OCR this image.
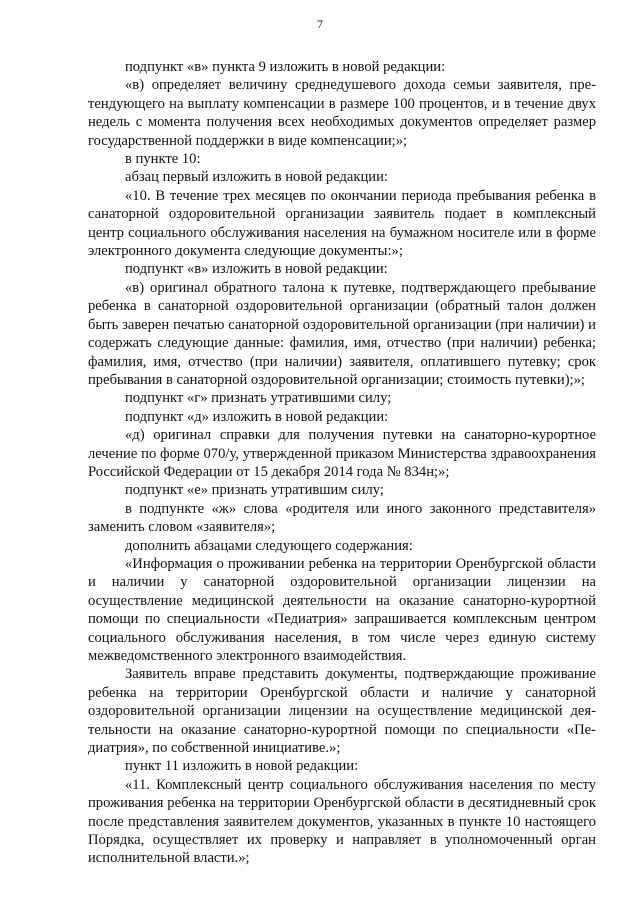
7

подпункт «в» пункта 9 изложить в новой редакции:

«в) определяет величину среднедушевого дохода семьи заявителя, претендующего на выплату компенсации в размере 100 процентов, и в течение двух недель с момента получения всех необходимых документов определяет размер государственной поддержки в виде компенсации;»;

в пункте 10:

абзац первый изложить в новой редакции:

«10. В течение трех месяцев по окончании периода пребывания ребенка в санаторной оздоровительной организации заявитель подает в комплексный центр социального обслуживания населения на бумажном носителе или в форме электронного документа следующие документы:»;

подпункт «в» изложить в новой редакции:

«в) оригинал обратного талона к путевке, подтверждающего пребывание ребенка в санаторной оздоровительной организации (обратный талон должен быть заверен печатью санаторной оздоровительной организации (при наличии) и содержать следующие данные: фамилия, имя, отчество (при наличии) ребенка; фамилия, имя, отчество (при наличии) заявителя, оплатившего путевку; срок пребывания в санаторной оздоровительной организации; стоимость путевки);»;

подпункт «г» признать утратившими силу;

подпункт «д» изложить в новой редакции:

«д) оригинал справки для получения путевки на санаторно-курортное лечение по форме 070/у, утвержденной приказом Министерства здравоохранения Российской Федерации от 15 декабря 2014 года № 834н;»;

подпункт «е» признать утратившим силу;

в подпункте «ж» слова «родителя или иного законного представителя» заменить словом «заявителя»;

дополнить абзацами следующего содержания:

«Информация о проживании ребенка на территории Оренбургской области и наличии у санаторной оздоровительной организации лицензии на осуществление медицинской деятельности на оказание санаторно-курортной помощи по специальности «Педиатрия» запрашивается комплексным центром социального обслуживания населения, в том числе через единую систему межведомственного электронного взаимодействия.

Заявитель вправе представить документы, подтверждающие проживание ребенка на территории Оренбургской области и наличие у санаторной оздоровительной организации лицензии на осуществление медицинской деятельности на оказание санаторно-курортной помощи по специальности «Педиатрия», по собственной инициативе.»;

пункт 11 изложить в новой редакции:

«11. Комплексный центр социального обслуживания населения по месту проживания ребенка на территории Оренбургской области в десятидневный срок после представления заявителем документов, указанных в пункте 10 настоящего Порядка, осуществляет их проверку и направляет в уполномоченный орган исполнительной власти.»;
